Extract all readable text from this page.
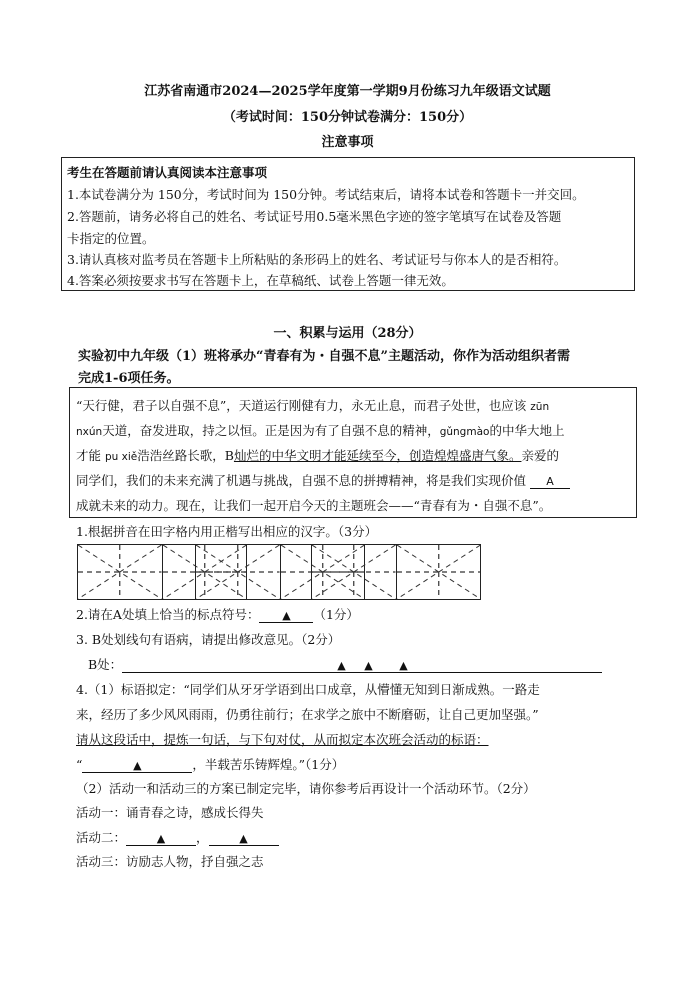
江苏省南通市2024—2025学年度第一学期9月份练习九年级语文试题
（考试时间：150分钟试卷满分：150分）
注意事项
考生在答题前请认真阅读本注意事项
1.本试卷满分为 150分，考试时间为 150分钟。考试结束后，请将本试卷和答题卡一并交回。
2.答题前，请务必将自己的姓名、考试证号用0.5毫米黑色字迹的签字笔填写在试卷及答题
卡指定的位置。
3.请认真核对监考员在答题卡上所粘贴的条形码上的姓名、考试证号与你本人的是否相符。
4.答案必须按要求书写在答题卡上，在草稿纸、试卷上答题一律无效。
一、积累与运用（28分）
实验初中九年级（1）班将承办“青春有为・自强不息”主题活动，你作为活动组织者需
完成1-6项任务。
“天行健，君子以自强不息”，天道运行刚健有力，永无止息，而君子处世，也应该 zūn
nxún天道，奋发进取，持之以恒。正是因为有了自强不息的精神，gǔngmào的中华大地上
才能 pu xiě浩浩丝路长歌，B灿烂的中华文明才能延续至今，创造煌煌盛唐气象。亲爱的
同学们，我们的未来充满了机遇与挑战，自强不息的拼搏精神，将是我们实现价值 A
成就未来的动力。现在，让我们一起开启今天的主题班会——“青春有为・自强不息”。
1.根据拼音在田字格内用正楷写出相应的汉字。（3分）
2.请在A处填上恰当的标点符号： ▲ （1分）
3. B处划线句有语病，请提出修改意见。（2分）
B处：	▲ ▲ ▲

4.（1）标语拟定：“同学们从牙牙学语到出口成章，从懵懂无知到日渐成熟。一路走
来，经历了多少风风雨雨，仍勇往前行；在求学之旅中不断磨砺，让自己更加坚强。”
请从这段话中，提炼一句话，与下句对仗，从而拟定本次班会活动的标语：
“	▲	，半载苦乐铸辉煌。”（1分）
（2）活动一和活动三的方案已制定完毕，请你参考后再设计一个活动环节。（2分）
活动一：诵青春之诗，感成长得失
活动二：	▲ ，	▲
活动三：访励志人物，抒自强之志
